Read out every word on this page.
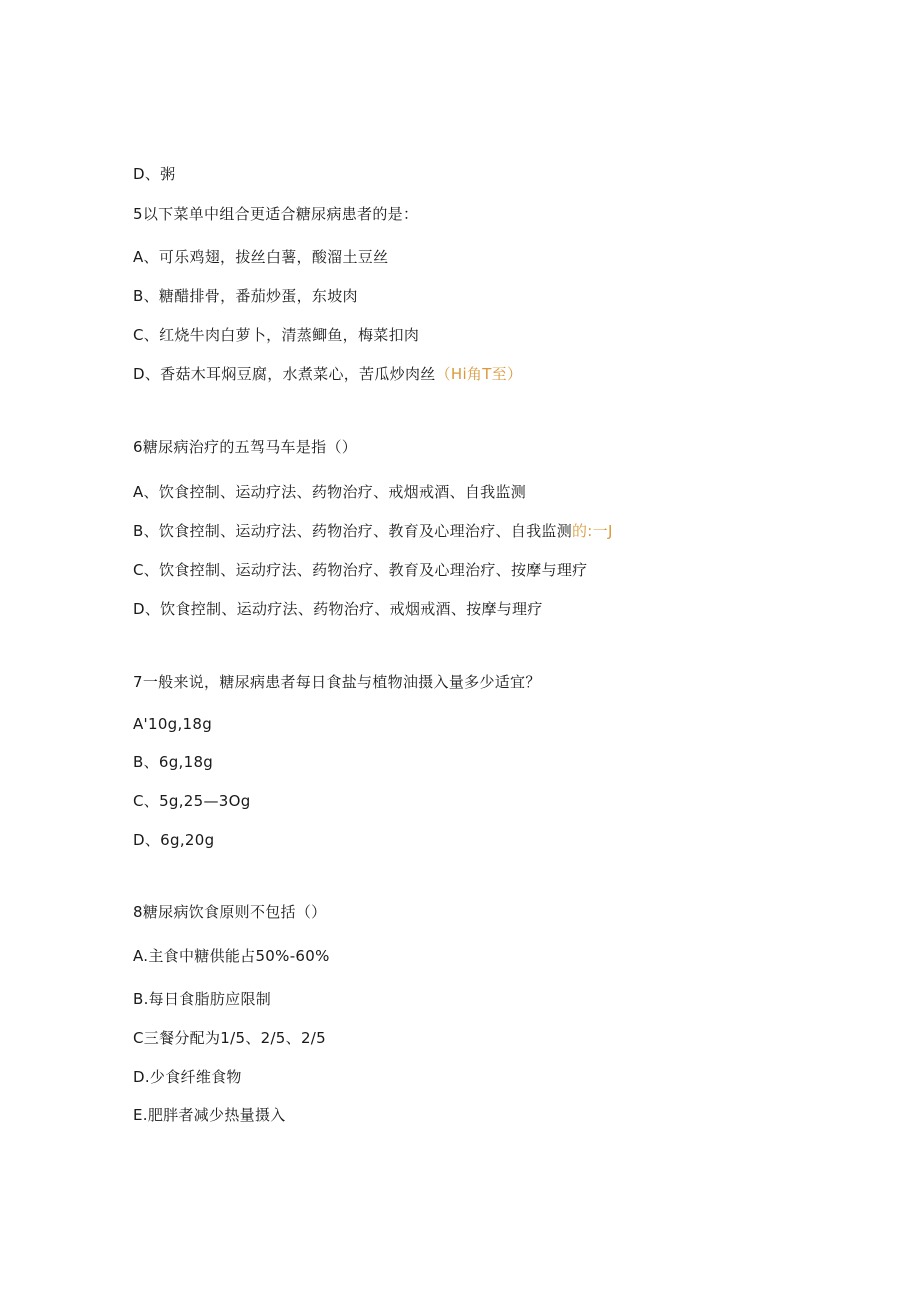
D、粥
5以下菜单中组合更适合糖尿病患者的是：
A、可乐鸡翅，拔丝白薯，酸溜土豆丝
B、糖醋排骨，番茄炒蛋，东坡肉
C、红烧牛肉白萝卜，清蒸鲫鱼，梅菜扣肉
D、香菇木耳焖豆腐，水煮菜心，苦瓜炒肉丝（Hi角T至）
6糖尿病治疗的五驾马车是指（）
A、饮食控制、运动疗法、药物治疗、戒烟戒酒、自我监测
B、饮食控制、运动疗法、药物治疗、教育及心理治疗、自我监测的:一J
C、饮食控制、运动疗法、药物治疗、教育及心理治疗、按摩与理疗
D、饮食控制、运动疗法、药物治疗、戒烟戒酒、按摩与理疗
7一般来说，糖尿病患者每日食盐与植物油摄入量多少适宜？
A'10g,18g
B、6g,18g
C、5g,25—3Og
D、6g,20g
8糖尿病饮食原则不包括（）
A.主食中糖供能占50%-60%
B.每日食脂肪应限制
C三餐分配为1/5、2/5、2/5
D.少食纤维食物
E.肥胖者减少热量摄入
